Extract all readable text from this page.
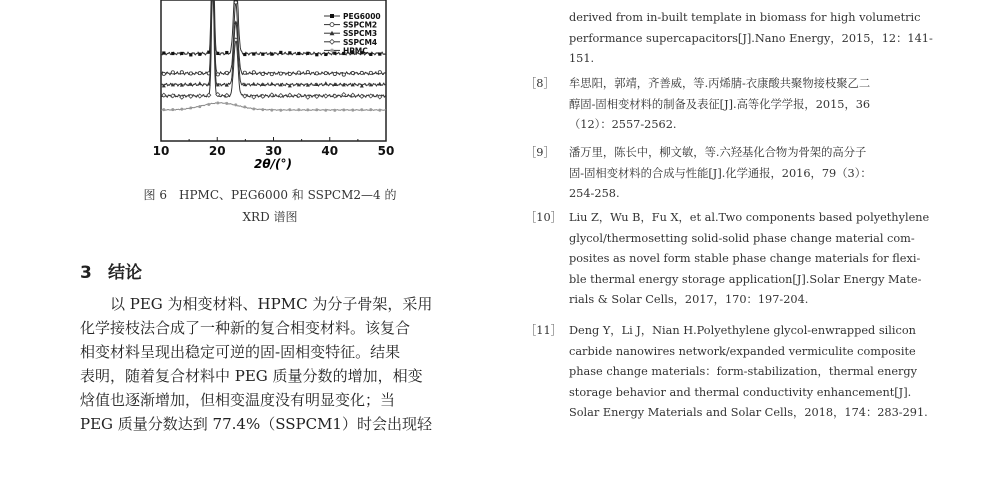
10	20	30	40	50
PEG6000
SSPCM2
SSPCM3
SSPCM4
HPMC
2θ/(°)
图 6　HPMC、PEG6000 和 SSPCM2—4 的
XRD 谱图
3 结论
以 PEG 为相变材料、HPMC 为分子骨架，采用
化学接枝法合成了一种新的复合相变材料。该复合
相变材料呈现出稳定可逆的固-固相变特征。结果
表明，随着复合材料中 PEG 质量分数的增加，相变
焓值也逐渐增加，但相变温度没有明显变化；当
PEG 质量分数达到 77.4%（SSPCM1）时会出现轻
derived from in-built template in biomass for high volumetric
performance supercapacitors[J].Nano Energy，2015，12：141-
151.
［8］	牟思阳，郭靖，齐善威，等.丙烯腈-衣康酸共聚物接枝聚乙二
醇固-固相变材料的制备及表征[J].高等化学学报，2015，36
（12）：2557-2562.
［9］	潘万里，陈长中，柳文敏，等.六羟基化合物为骨架的高分子
固-固相变材料的合成与性能[J].化学通报，2016，79（3）：
254-258.
［10］ Liu Z，Wu B，Fu X，et al.Two components based polyethylene
glycol/thermosetting solid-solid phase change material com-
posites as novel form stable phase change materials for flexi-
ble thermal energy storage application[J].Solar Energy Mate-
rials & Solar Cells，2017，170：197-204.
［11］ Deng Y，Li J，Nian H.Polyethylene glycol-enwrapped silicon
carbide nanowires network/expanded vermiculite composite
phase change materials：form-stabilization，thermal energy
storage behavior and thermal conductivity enhancement[J].
Solar Energy Materials and Solar Cells，2018，174：283-291.
